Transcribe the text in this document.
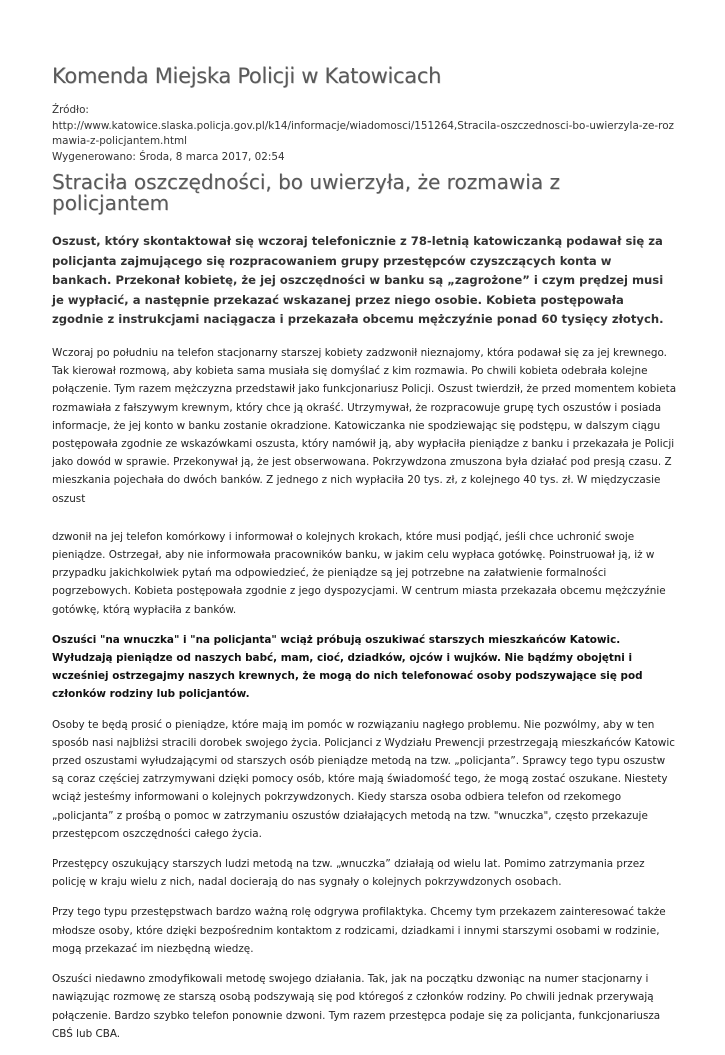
Komenda Miejska Policji w Katowicach
Źródło:
http://www.katowice.slaska.policja.gov.pl/k14/informacje/wiadomosci/151264,Stracila-oszczednosci-bo-uwierzyla-ze-rozmawia-z-policjantem.html
Wygenerowano: Środa, 8 marca 2017, 02:54
Straciła oszczędności, bo uwierzyła, że rozmawia z policjantem

Oszust, który skontaktował się wczoraj telefonicznie z 78-letnią katowiczanką podawał się za policjanta zajmującego się rozpracowaniem grupy przestępców czyszczących konta w bankach. Przekonał kobietę, że jej oszczędności w banku są „zagrożone” i czym prędzej musi je wypłacić, a następnie przekazać wskazanej przez niego osobie. Kobieta postępowała zgodnie z instrukcjami naciągacza i przekazała obcemu mężczyźnie ponad 60 tysięcy złotych.

Wczoraj po południu na telefon stacjonarny starszej kobiety zadzwonił nieznajomy, która podawał się za jej krewnego. Tak kierował rozmową, aby kobieta sama musiała się domyślać z kim rozmawia. Po chwili kobieta odebrała kolejne połączenie. Tym razem mężczyzna przedstawił jako funkcjonariusz Policji. Oszust twierdził, że przed momentem kobieta rozmawiała z fałszywym krewnym, który chce ją okraść. Utrzymywał, że rozpracowuje grupę tych oszustów i posiada informacje, że jej konto w banku zostanie okradzione. Katowiczanka nie spodziewając się podstępu, w dalszym ciągu postępowała zgodnie ze wskazówkami oszusta, który namówił ją, aby wypłaciła pieniądze z banku i przekazała je Policji jako dowód w sprawie. Przekonywał ją, że jest obserwowana. Pokrzywdzona zmuszona była działać pod presją czasu. Z mieszkania pojechała do dwóch banków. Z jednego z nich wypłaciła 20 tys. zł, z kolejnego 40 tys. zł. W międzyczasie oszust

dzwonił na jej telefon komórkowy i informował o kolejnych krokach, które musi podjąć, jeśli chce uchronić swoje pieniądze. Ostrzegał, aby nie informowała pracowników banku, w jakim celu wypłaca gotówkę. Poinstruował ją, iż w przypadku jakichkolwiek pytań ma odpowiedzieć, że pieniądze są jej potrzebne na załatwienie formalności pogrzebowych. Kobieta postępowała zgodnie z jego dyspozycjami. W centrum miasta przekazała obcemu mężczyźnie gotówkę, którą wypłaciła z banków.

Oszuści "na wnuczka" i "na policjanta" wciąż próbują oszukiwać starszych mieszkańców Katowic. Wyłudzają pieniądze od naszych babć, mam, cioć, dziadków, ojców i wujków. Nie bądźmy obojętni i wcześniej ostrzegajmy naszych krewnych, że mogą do nich telefonować osoby podszywające się pod członków rodziny lub policjantów.

Osoby te będą prosić o pieniądze, które mają im pomóc w rozwiązaniu nagłego problemu. Nie pozwólmy, aby w ten sposób nasi najbliżsi stracili dorobek swojego życia. Policjanci z Wydziału Prewencji przestrzegają mieszkańców Katowic przed oszustami wyłudzającymi od starszych osób pieniądze metodą na tzw. „policjanta”. Sprawcy tego typu oszustw są coraz częściej zatrzymywani dzięki pomocy osób, które mają świadomość tego, że mogą zostać oszukane. Niestety wciąż jesteśmy informowani o kolejnych pokrzywdzonych. Kiedy starsza osoba odbiera telefon od rzekomego „policjanta” z prośbą o pomoc w zatrzymaniu oszustów działających metodą na tzw. "wnuczka", często przekazuje przestępcom oszczędności całego życia.

Przestępcy oszukujący starszych ludzi metodą na tzw. „wnuczka” działają od wielu lat. Pomimo zatrzymania przez policję w kraju wielu z nich, nadal docierają do nas sygnały o kolejnych pokrzywdzonych osobach.

Przy tego typu przestępstwach bardzo ważną rolę odgrywa profilaktyka. Chcemy tym przekazem zainteresować także młodsze osoby, które dzięki bezpośrednim kontaktom z rodzicami, dziadkami i innymi starszymi osobami w rodzinie, mogą przekazać im niezbędną wiedzę.

Oszuści niedawno zmodyfikowali metodę swojego działania. Tak, jak na początku dzwoniąc na numer stacjonarny i nawiązując rozmowę ze starszą osobą podszywają się pod któregoś z członków rodziny. Po chwili jednak przerywają połączenie. Bardzo szybko telefon ponownie dzwoni. Tym razem przestępca podaje się za policjanta, funkcjonariusza CBŚ lub CBA.
